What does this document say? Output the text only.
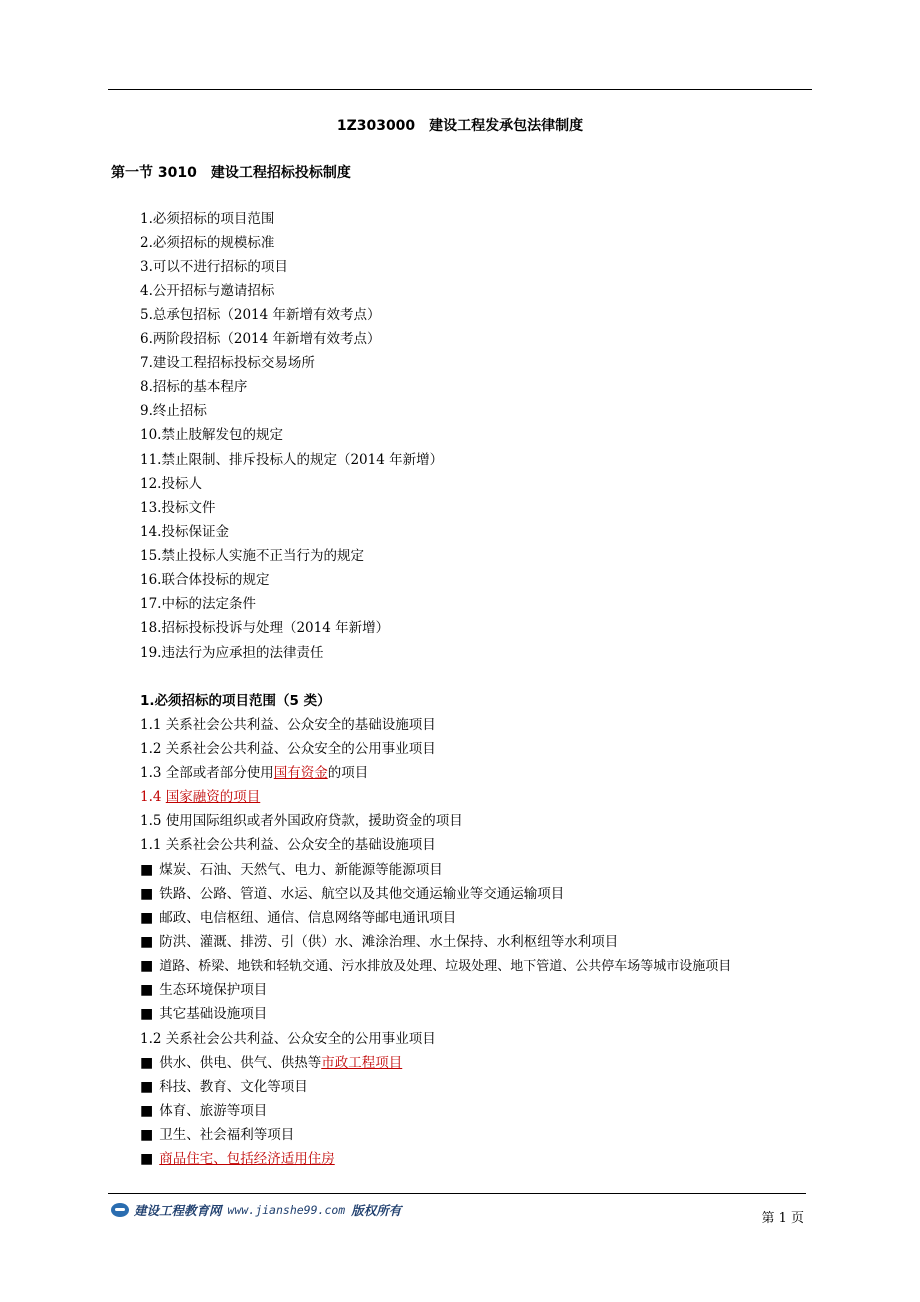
1Z303000　建设工程发承包法律制度
第一节 3010　建设工程招标投标制度
1.必须招标的项目范围
2.必须招标的规模标准
3.可以不进行招标的项目
4.公开招标与邀请招标
5.总承包招标（2014 年新增有效考点）
6.两阶段招标（2014 年新增有效考点）
7.建设工程招标投标交易场所
8.招标的基本程序
9.终止招标
10.禁止肢解发包的规定
11.禁止限制、排斥投标人的规定（2014 年新增）
12.投标人
13.投标文件
14.投标保证金
15.禁止投标人实施不正当行为的规定
16.联合体投标的规定
17.中标的法定条件
18.招标投标投诉与处理（2014 年新增）
19.违法行为应承担的法律责任
1.必须招标的项目范围（5 类）
1.1 关系社会公共利益、公众安全的基础设施项目
1.2 关系社会公共利益、公众安全的公用事业项目
1.3 全部或者部分使用国有资金的项目
1.4 国家融资的项目
1.5 使用国际组织或者外国政府贷款，援助资金的项目
1.1 关系社会公共利益、公众安全的基础设施项目
■ 煤炭、石油、天然气、电力、新能源等能源项目
■ 铁路、公路、管道、水运、航空以及其他交通运输业等交通运输项目
■ 邮政、电信枢纽、通信、信息网络等邮电通讯项目
■ 防洪、灌溉、排涝、引（供）水、滩涂治理、水土保持、水利枢纽等水利项目
■ 道路、桥梁、地铁和轻轨交通、污水排放及处理、垃圾处理、地下管道、公共停车场等城市设施项目
■ 生态环境保护项目
■ 其它基础设施项目
1.2 关系社会公共利益、公众安全的公用事业项目
■ 供水、供电、供气、供热等市政工程项目
■ 科技、教育、文化等项目
■ 体育、旅游等项目
■ 卫生、社会福利等项目
■ 商品住宅、包括经济适用住房
建设工程教育网 www.jianshe99.com 版权所有
第 1 页
